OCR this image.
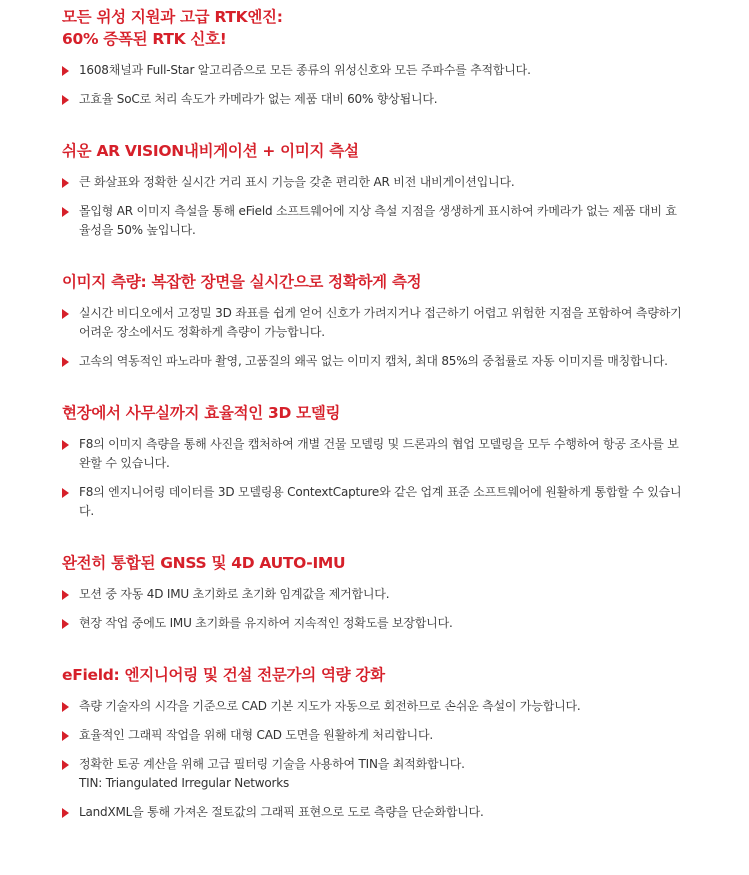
모든 위성 지원과 고급 RTK엔진:
60% 증폭된 RTK 신호!
1608채널과 Full-Star 알고리즘으로 모든 종류의 위성신호와 모든 주파수를 추적합니다.
고효율 SoC로 처리 속도가 카메라가 없는 제품 대비 60% 향상됩니다.
쉬운 AR VISION내비게이션 + 이미지 측설
큰 화살표와 정확한 실시간 거리 표시 기능을 갖춘 편리한 AR 비전 내비게이션입니다.
몰입형 AR 이미지 측설을 통해 eField 소프트웨어에 지상 측설 지점을 생생하게 표시하여 카메라가 없는 제품 대비 효율성을 50% 높입니다.
이미지 측량: 복잡한 장면을 실시간으로 정확하게 측정
실시간 비디오에서 고정밀 3D 좌표를 쉽게 얻어 신호가 가려지거나 접근하기 어렵고 위험한 지점을 포함하여 측량하기 어려운 장소에서도 정확하게 측량이 가능합니다.
고속의 역동적인 파노라마 촬영, 고품질의 왜곡 없는 이미지 캡처, 최대 85%의 중첩률로 자동 이미지를 매칭합니다.
현장에서 사무실까지 효율적인 3D 모델링
F8의 이미지 측량을 통해 사진을 캡처하여 개별 건물 모델링 및 드론과의 협업 모델링을 모두 수행하여 항공 조사를 보완할 수 있습니다.
F8의 엔지니어링 데이터를 3D 모델링용 ContextCapture와 같은 업계 표준 소프트웨어에 원활하게 통합할 수 있습니다.
완전히 통합된 GNSS 및 4D AUTO-IMU
모션 중 자동 4D IMU 초기화로 초기화 임계값을 제거합니다.
현장 작업 중에도 IMU 초기화를 유지하여 지속적인 정확도를 보장합니다.
eField: 엔지니어링 및 건설 전문가의 역량 강화
측량 기술자의 시각을 기준으로 CAD 기본 지도가 자동으로 회전하므로 손쉬운 측설이 가능합니다.
효율적인 그래픽 작업을 위해 대형 CAD 도면을 원활하게 처리합니다.
정확한 토공 계산을 위해 고급 필터링 기술을 사용하여 TIN을 최적화합니다.
TIN: Triangulated Irregular Networks
LandXML을 통해 가져온 절토값의 그래픽 표현으로 도로 측량을 단순화합니다.
